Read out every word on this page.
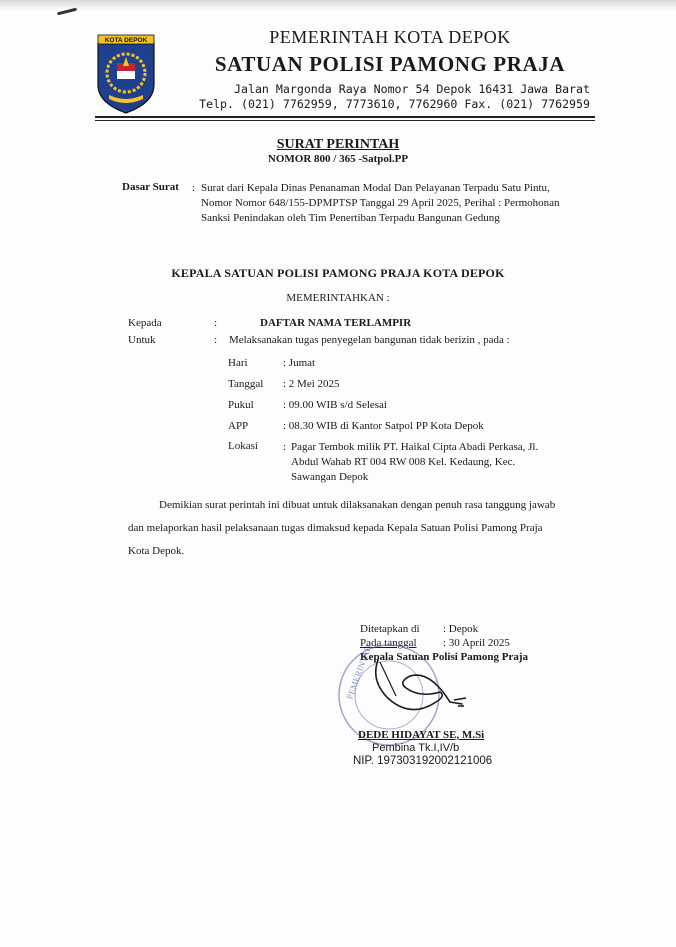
KOTA DEPOK	PEMERINTAH KOTA DEPOK
SATUAN POLISI PAMONG PRAJA
Jalan Margonda Raya Nomor 54 Depok 16431 Jawa Barat
Telp. (021) 7762959, 7773610, 7762960 Fax. (021) 7762959
SURAT PERINTAH
NOMOR 800 / 365 -Satpol.PP
Dasar Surat : Surat dari Kepala Dinas Penanaman Modal Dan Pelayanan Terpadu Satu Pintu, Nomor Nomor 648/155-DPMPTSP Tanggal 29 April 2025, Perihal : Permohonan Sanksi Penindakan oleh Tim Penertiban Terpadu Bangunan Gedung
KEPALA SATUAN POLISI PAMONG PRAJA KOTA DEPOK
MEMERINTAHKAN :
Kepada	:	DAFTAR NAMA TERLAMPIR
Untuk	: Melaksanakan tugas penyegelan bangunan tidak berizin , pada :
Hari	: Jumat
Tanggal : 2 Mei 2025
Pukul	: 09.00 WIB s/d Selesai
APP	: 08.30 WIB di Kantor Satpol PP Kota Depok
Lokasi : Pagar Tembok milik PT. Haikal Cipta Abadi Perkasa, Jl. Abdul Wahab RT 004 RW 008 Kel. Kedaung, Kec. Sawangan Depok
Demikian surat perintah ini dibuat untuk dilaksanakan dengan penuh rasa tanggung jawab dan melaporkan hasil pelaksanaan tugas dimaksud kepada Kepala Satuan Polisi Pamong Praja Kota Depok.
Ditetapkan di : Depok
Pada tanggal : 30 April 2025
Kepala Satuan Polisi Pamong Praja
PEMERINTAH
DEDE HIDAYAT SE, M.Si
Pembina Tk.I,IV/b
NIP. 197303192002121006
